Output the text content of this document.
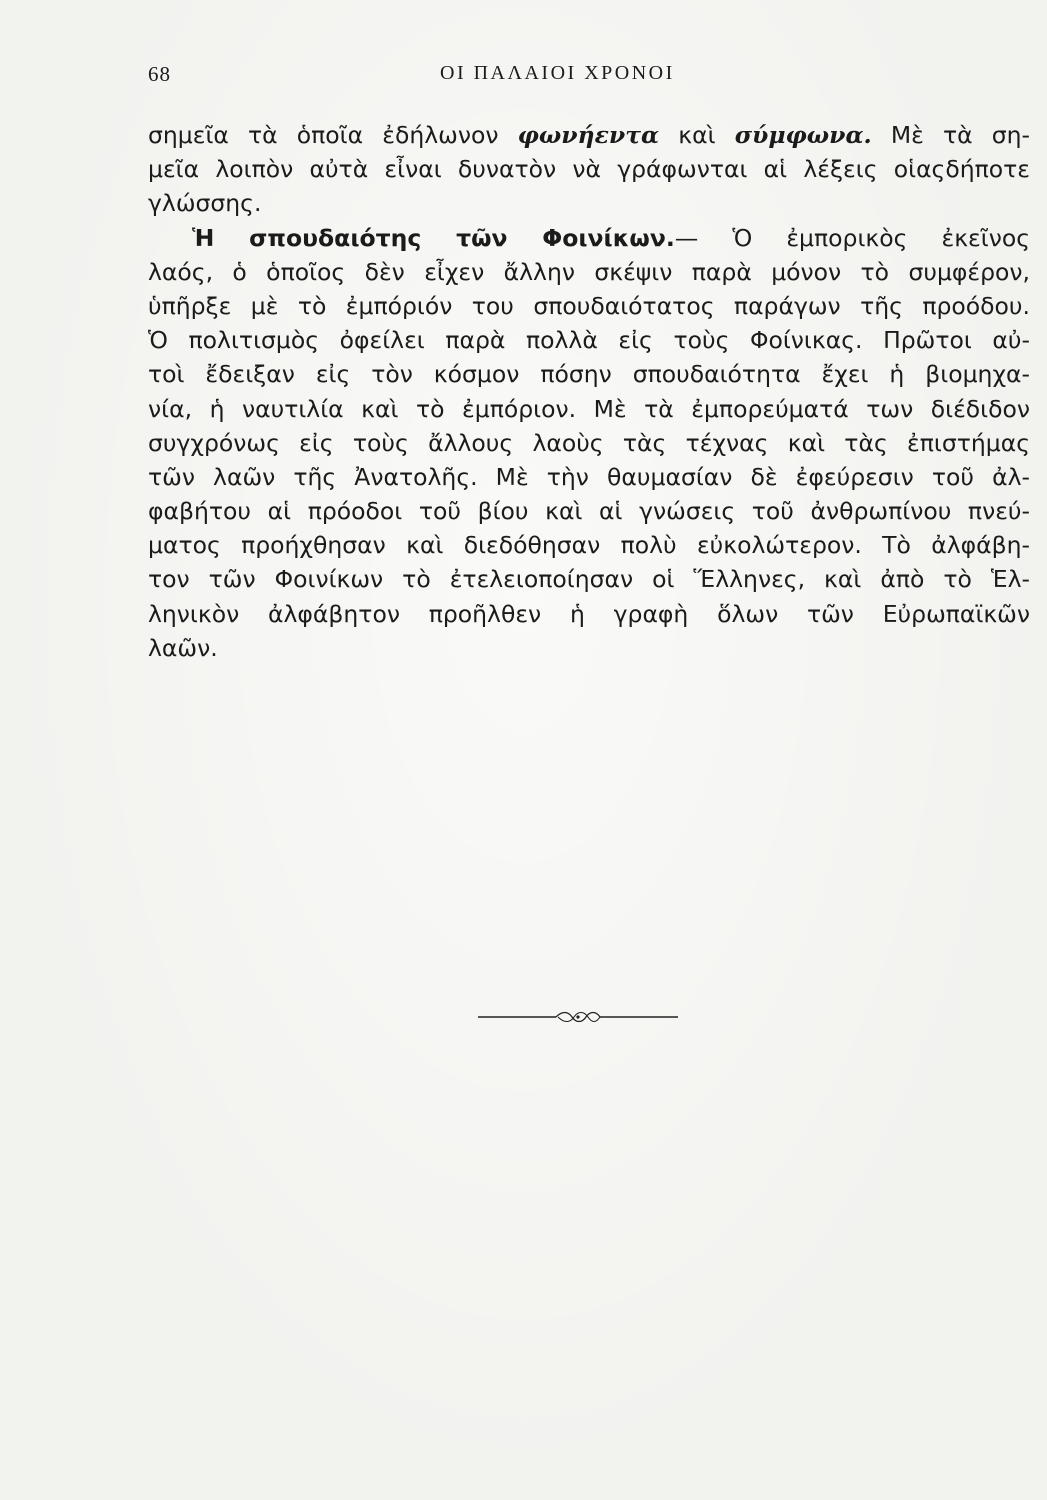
68	ΟΙ ΠΑΛΑΙΟΙ ΧΡΟΝΟΙ
σημεῖα τὰ ὁποῖα ἐδήλωνον φωνήεντα καὶ σύμφωνα. Μὲ τὰ ση-
μεῖα λοιπὸν αὐτὰ εἶναι δυνατὸν νὰ γράφωνται αἱ λέξεις οἱαςδήποτε
γλώσσης.
Ἡ σπουδαιότης τῶν Φοινίκων.— Ὁ ἐμπορικὸς ἐκεῖνος
λαός, ὁ ὁποῖος δὲν εἶχεν ἄλλην σκέψιν παρὰ μόνον τὸ συμφέρον,
ὑπῆρξε μὲ τὸ ἐμπόριόν του σπουδαιότατος παράγων τῆς προόδου.
Ὁ πολιτισμὸς ὀφείλει παρὰ πολλὰ εἰς τοὺς Φοίνικας. Πρῶτοι αὐ-
τοὶ ἔδειξαν εἰς τὸν κόσμον πόσην σπουδαιότητα ἔχει ἡ βιομηχα-
νία, ἡ ναυτιλία καὶ τὸ ἐμπόριον. Μὲ τὰ ἐμπορεύματά των διέδιδον
συγχρόνως εἰς τοὺς ἄλλους λαοὺς τὰς τέχνας καὶ τὰς ἐπιστήμας
τῶν λαῶν τῆς Ἀνατολῆς. Μὲ τὴν θαυμασίαν δὲ ἐφεύρεσιν τοῦ ἀλ-
φαβήτου αἱ πρόοδοι τοῦ βίου καὶ αἱ γνώσεις τοῦ ἀνθρωπίνου πνεύ-
ματος προήχθησαν καὶ διεδόθησαν πολὺ εὐκολώτερον. Τὸ ἀλφάβη-
τον τῶν Φοινίκων τὸ ἐτελειοποίησαν οἱ Ἕλληνες, καὶ ἀπὸ τὸ Ἑλ-
ληνικὸν ἀλφάβητον προῆλθεν ἡ γραφὴ ὅλων τῶν Εὐρωπαϊκῶν
λαῶν.
